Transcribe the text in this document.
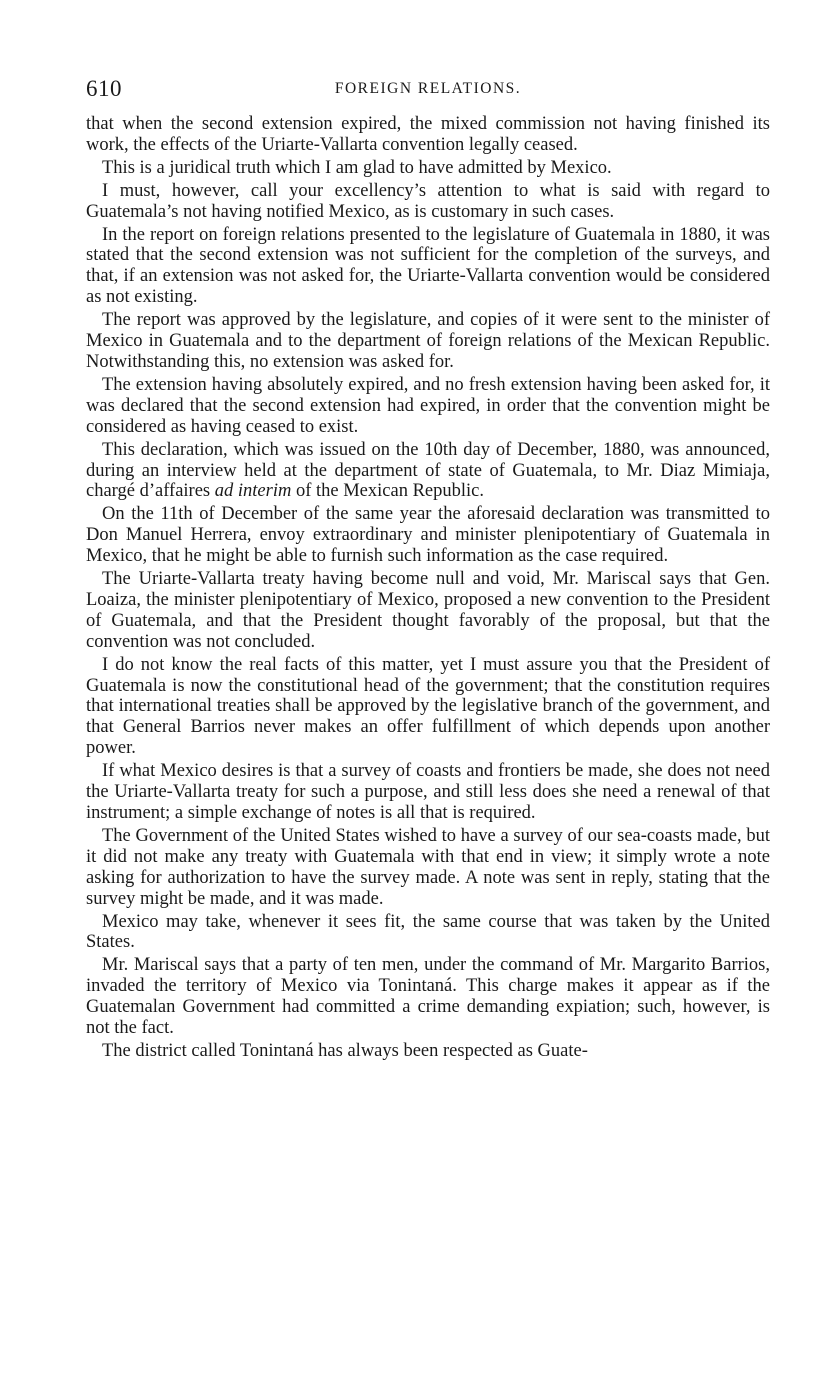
610	FOREIGN RELATIONS.

that when the second extension expired, the mixed commission not having finished its work, the effects of the Uriarte-Vallarta convention legally ceased.

This is a juridical truth which I am glad to have admitted by Mexico.

I must, however, call your excellency’s attention to what is said with regard to Guatemala’s not having notified Mexico, as is customary in such cases.

In the report on foreign relations presented to the legislature of Guatemala in 1880, it was stated that the second extension was not sufficient for the completion of the surveys, and that, if an extension was not asked for, the Uriarte-Vallarta convention would be considered as not existing.

The report was approved by the legislature, and copies of it were sent to the minister of Mexico in Guatemala and to the department of foreign relations of the Mexican Republic. Notwithstanding this, no extension was asked for.

The extension having absolutely expired, and no fresh extension having been asked for, it was declared that the second extension had expired, in order that the convention might be considered as having ceased to exist.

This declaration, which was issued on the 10th day of December, 1880, was announced, during an interview held at the department of state of Guatemala, to Mr. Diaz Mimiaja, chargé d’affaires ad interim of the Mexican Republic.

On the 11th of December of the same year the aforesaid declaration was transmitted to Don Manuel Herrera, envoy extraordinary and minister plenipotentiary of Guatemala in Mexico, that he might be able to furnish such information as the case required.

The Uriarte-Vallarta treaty having become null and void, Mr. Mariscal says that Gen. Loaiza, the minister plenipotentiary of Mexico, proposed a new convention to the President of Guatemala, and that the President thought favorably of the proposal, but that the convention was not concluded.

I do not know the real facts of this matter, yet I must assure you that the President of Guatemala is now the constitutional head of the government; that the constitution requires that international treaties shall be approved by the legislative branch of the government, and that General Barrios never makes an offer fulfillment of which depends upon another power.

If what Mexico desires is that a survey of coasts and frontiers be made, she does not need the Uriarte-Vallarta treaty for such a purpose, and still less does she need a renewal of that instrument; a simple exchange of notes is all that is required.

The Government of the United States wished to have a survey of our sea-coasts made, but it did not make any treaty with Guatemala with that end in view; it simply wrote a note asking for authorization to have the survey made. A note was sent in reply, stating that the survey might be made, and it was made.

Mexico may take, whenever it sees fit, the same course that was taken by the United States.

Mr. Mariscal says that a party of ten men, under the command of Mr. Margarito Barrios, invaded the territory of Mexico via Tonintaná. This charge makes it appear as if the Guatemalan Government had committed a crime demanding expiation; such, however, is not the fact.

The district called Tonintaná has always been respected as Guate-
